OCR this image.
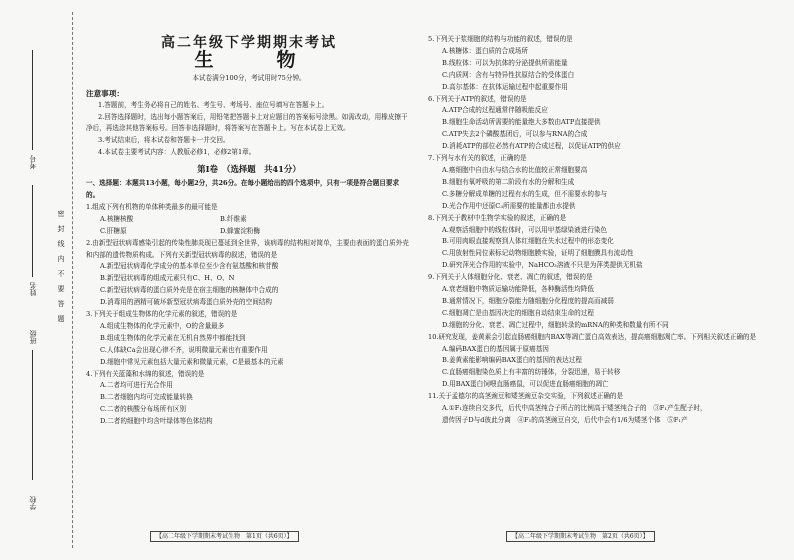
考号
姓名
班级
学校
密封线内不要答题
高二年级下学期期末考试
生　物
本试卷满分100分，考试用时75分钟。
注意事项：

1.答题前，考生务必将自己的姓名、考生号、考场号、座位号填写在答题卡上。

2.回答选择题时，选出每小题答案后，用铅笔把答题卡上对应题目的答案标号涂黑。如需改动，用橡皮擦干净后，再选涂其他答案标号。回答非选择题时，将答案写在答题卡上。写在本试卷上无效。

3.考试结束后，将本试卷和答题卡一并交回。

4.本试卷主要考试内容：人教版必修1，必修2第1章。

第Ⅰ卷　（选择题　共41分）

一、选择题：本题共13小题，每小题2分，共26分。在每小题给出的四个选项中，只有一项是符合题目要求的。

1.组成下列有机物的单体种类最多的最可能是

A.核糖核酸	B.纤维素
C.肝糖原	D.蜂蜜淀粉酶

2.由新型冠状病毒感染引起的传染性肺炎现已蔓延到全世界，该病毒的结构相对简单，主要由表面的蛋白质外壳和内部的遗传物质构成。下列有关新型冠状病毒的叙述，错误的是

A.新型冠状病毒化学成分的基本单位至少含有氨基酸和核苷酸

B.新型冠状病毒的组成元素只有C、H、O、N

C.新型冠状病毒的蛋白质外壳是在宿主细胞的核糖体中合成的

D.消毒用的酒精可破坏新型冠状病毒蛋白质外壳的空间结构

3.下列关于组成生物体的化学元素的叙述，错误的是

A.组成生物体的化学元素中，O的含量最多

B.组成生物体的化学元素在无机自然界中都能找到

C.人体缺Ca会出现心律不齐，说明微量元素也有重要作用

D.细胞中常见元素包括大量元素和微量元素，C是最基本的元素

4.下列有关蓝藻和水绵的叙述，错误的是

A.二者均可进行光合作用

B.二者细胞内均可完成能量转换

C.二者的核酸分布场所有区别

D.二者的细胞中均含叶绿体等色体结构

5.下列关于浆细胞的结构与功能的叙述，错误的是

A.核糖体：蛋白质的合成场所

B.线粒体：可以为抗体的分泌提供所需能量

C.内质网：含有与特异性抗原结合的受体蛋白

D.高尔基体：在抗体运输过程中起重要作用

6.下列关于ATP的叙述，错误的是

A.ATP合成的过程通常伴随吸能反应

B.细胞生命活动所需要的能量绝大多数由ATP直接提供

C.ATP失去2个磷酸基团后，可以参与RNA的合成

D.消耗ATP的部位必然有ATP的合成过程，以促证ATP的供应

7.下列与水有关的叙述，正确的是

A.癌细胞中自由水与结合水的比值较正常细胞要高

B.细胞有氧呼吸的第二阶段有水的分解和生成

C.多糖分解成单糖的过程有水的生成，但不需要水的参与

D.光合作用中还原C₃所需要的能量都由水提供

8.下列关于教材中生物学实验的叙述，正确的是

A.观察活细胞中的线粒体时，可以用甲基绿染液进行染色

B.可用肉眼直接观察到人体红细胞在失水过程中的形态变化

C.用放射性同位素标记动物细胞膜实验，证明了细胞膜具有流动性

D.研究萍光合作用的实验中，NaHCO₃溶液不只是为萍类提供无机盐

9.下列关于人体细胞分化、衰老、凋亡的叙述，错误的是

A.衰老细胞中物质运输功能降低，各种酶活性均降低

B.通常情况下，细胞分裂能力随细胞分化程度的提高而减弱

C.细胞凋亡是由基因决定的细胞自动结束生命的过程

D.细胞的分化、衰老、凋亡过程中，细胞转录的mRNA的种类和数量有所不同

10.研究发现，姜黄素会引起直肠癌细胞内BAX等凋亡蛋白高效表达，提高癌细胞凋亡率。下列相关叙述正确的是

A.编码BAX蛋白的基因属于原癌基因

B.姜黄素能影响编码BAX蛋白的基因的表达过程

C.直肠癌细胞染色质上有丰富的纺锤体，分裂迅速，易于转移

D.用BAX蛋白饲喂直肠癌鼠，可以促进直肠癌细胞的凋亡

11.关于孟德尔的高茎豌豆和矮茎豌豆杂交实验，下列叙述正确的是

A.①F₁连续自交多代，后代中高茎纯合子所占的比例高于矮茎纯合子的　③F₁产生配子时，

遗传因子D与d彼此分离　④F₁的高茎豌豆自交，后代中会有1/6为矮茎个体　⑤F₁产

【高二年级下学期期末考试生物　第1页（共6页）】	【高二年级下学期期末考试生物　第2页（共6页）】
